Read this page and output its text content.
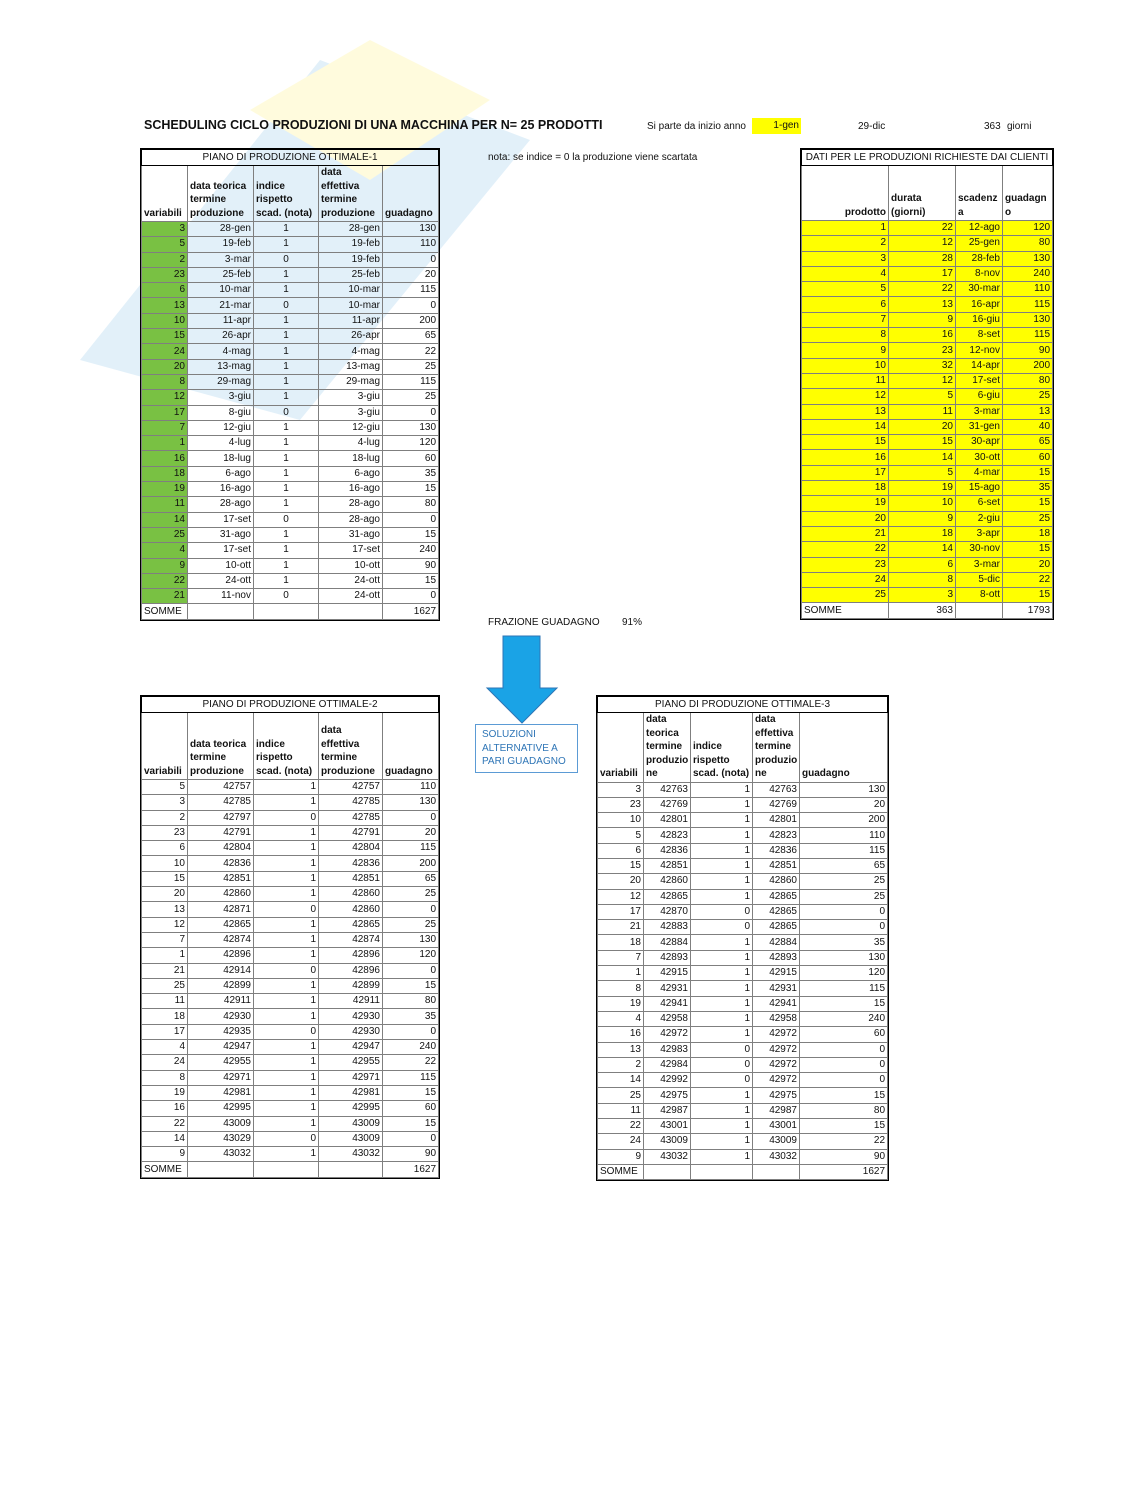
SCHEDULING CICLO PRODUZIONI DI UNA MACCHINA PER N= 25 PRODOTTI	Si parte da inizio anno	1-gen	29-dic	363 giorni
nota: se indice = 0 la produzione viene scartata
FRAZIONE GUADAGNO 91%
SOLUZIONI
ALTERNATIVE A
PARI GUADAGNO
PIANO DI PRODUZIONE OTTIMALE-1				
variabili	data teorica termine produzione	indice rispetto scad. (nota)	data effettiva termine produzione	guadagno
3	28-gen	1	28-gen	130
5	19-feb	1	19-feb	110
2	3-mar	0	19-feb	0
23	25-feb	1	25-feb	20
6	10-mar	1	10-mar	115
13	21-mar	0	10-mar	0
10	11-apr	1	11-apr	200
15	26-apr	1	26-apr	65
24	4-mag	1	4-mag	22
20	13-mag	1	13-mag	25
8	29-mag	1	29-mag	115
12	3-giu	1	3-giu	25
17	8-giu	0	3-giu	0
7	12-giu	1	12-giu	130
1	4-lug	1	4-lug	120
16	18-lug	1	18-lug	60
18	6-ago	1	6-ago	35
19	16-ago	1	16-ago	15
11	28-ago	1	28-ago	80
14	17-set	0	28-ago	0
25	31-ago	1	31-ago	15
4	17-set	1	17-set	240
9	10-ott	1	10-ott	90
22	24-ott	1	24-ott	15
21	11-nov	0	24-ott	0
SOMME				1627
DATI PER LE PRODUZIONI RICHIESTE DAI CLIENTI			
prodotto	durata (giorni)	scadenz a	guadagn o
1	22	12-ago	120
2	12	25-gen	80
3	28	28-feb	130
4	17	8-nov	240
5	22	30-mar	110
6	13	16-apr	115
7	9	16-giu	130
8	16	8-set	115
9	23	12-nov	90
10	32	14-apr	200
11	12	17-set	80
12	5	6-giu	25
13	11	3-mar	13
14	20	31-gen	40
15	15	30-apr	65
16	14	30-ott	60
17	5	4-mar	15
18	19	15-ago	35
19	10	6-set	15
20	9	2-giu	25
21	18	3-apr	18
22	14	30-nov	15
23	6	3-mar	20
24	8	5-dic	22
25	3	8-ott	15
SOMME	363		1793
PIANO DI PRODUZIONE OTTIMALE-2				
variabili	data teorica termine produzione	indice rispetto scad. (nota)	data effettiva termine produzione	guadagno
5	42757	1	42757	110
3	42785	1	42785	130
2	42797	0	42785	0
23	42791	1	42791	20
6	42804	1	42804	115
10	42836	1	42836	200
15	42851	1	42851	65
20	42860	1	42860	25
13	42871	0	42860	0
12	42865	1	42865	25
7	42874	1	42874	130
1	42896	1	42896	120
21	42914	0	42896	0
25	42899	1	42899	15
11	42911	1	42911	80
18	42930	1	42930	35
17	42935	0	42930	0
4	42947	1	42947	240
24	42955	1	42955	22
8	42971	1	42971	115
19	42981	1	42981	15
16	42995	1	42995	60
22	43009	1	43009	15
14	43029	0	43009	0
9	43032	1	43032	90
SOMME				1627
PIANO DI PRODUZIONE OTTIMALE-3				
variabili	data teorica termine produzio ne	indice rispetto scad. (nota)	data effettiva termine produzio ne	guadagno
3	42763	1	42763	130
23	42769	1	42769	20
10	42801	1	42801	200
5	42823	1	42823	110
6	42836	1	42836	115
15	42851	1	42851	65
20	42860	1	42860	25
12	42865	1	42865	25
17	42870	0	42865	0
21	42883	0	42865	0
18	42884	1	42884	35
7	42893	1	42893	130
1	42915	1	42915	120
8	42931	1	42931	115
19	42941	1	42941	15
4	42958	1	42958	240
16	42972	1	42972	60
13	42983	0	42972	0
2	42984	0	42972	0
14	42992	0	42972	0
25	42975	1	42975	15
11	42987	1	42987	80
22	43001	1	43001	15
24	43009	1	43009	22
9	43032	1	43032	90
SOMME				1627
